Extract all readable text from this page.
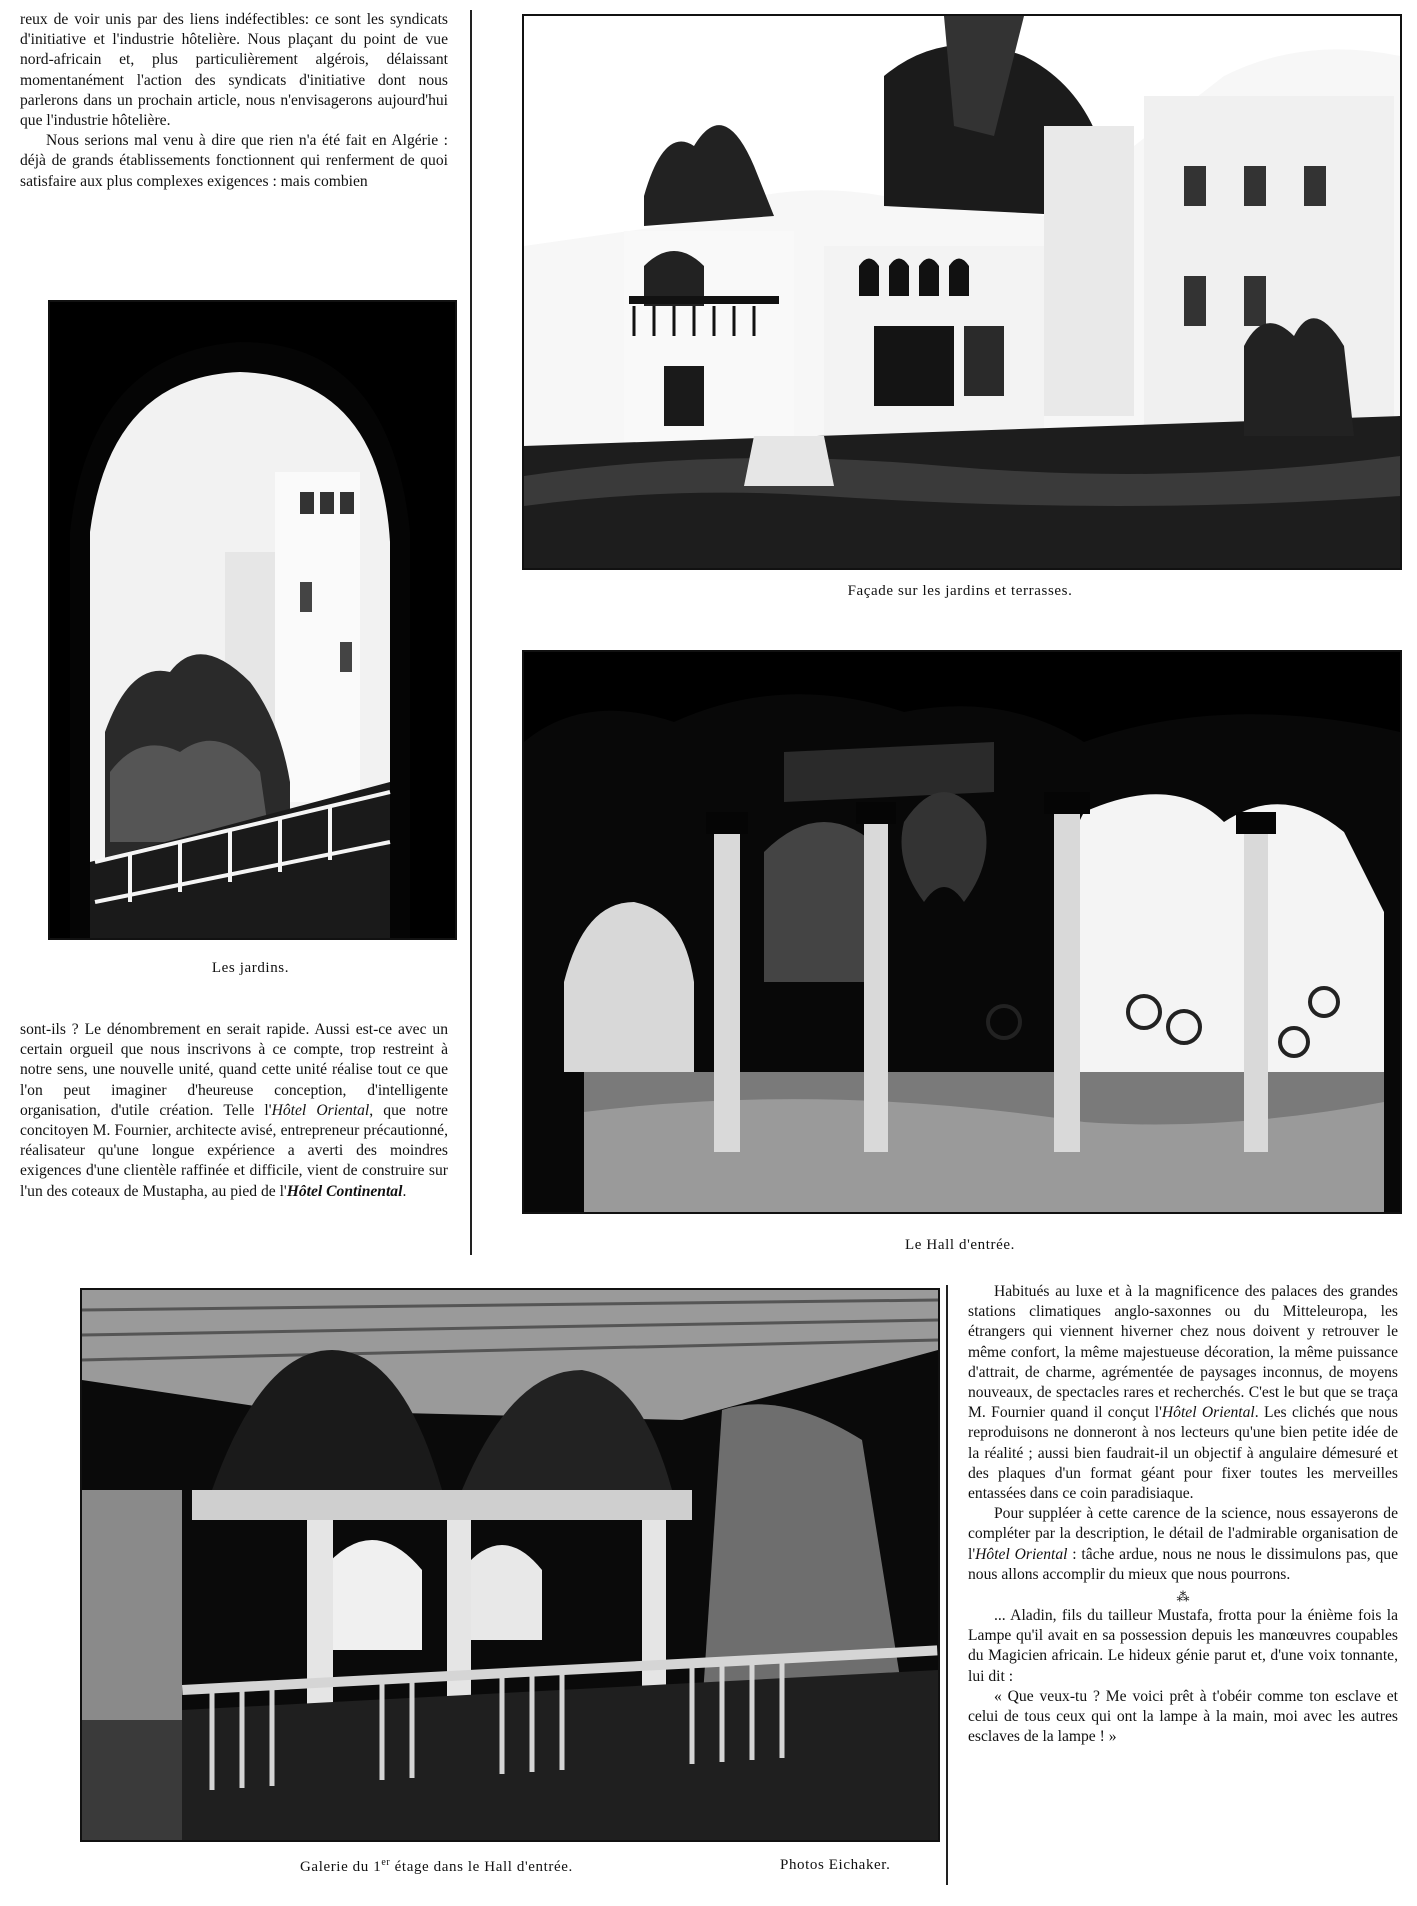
reux de voir unis par des liens indéfectibles: ce sont les syndicats d'initiative et l'industrie hôtelière. Nous plaçant du point de vue nord-africain et, plus particulièrement algérois, délaissant momentanément l'action des syndicats d'initiative dont nous parlerons dans un prochain article, nous n'envisagerons aujourd'hui que l'industrie hôtelière.

Nous serions mal venu à dire que rien n'a été fait en Algérie : déjà de grands établissements fonctionnent qui renferment de quoi satisfaire aux plus complexes exigences : mais combien

Les jardins.

sont-ils ? Le dénombrement en serait rapide. Aussi est-ce avec un certain orgueil que nous inscrivons à ce compte, trop restreint à notre sens, une nouvelle unité, quand cette unité réalise tout ce que l'on peut imaginer d'heureuse conception, d'intelligente organisation, d'utile création. Telle l'Hôtel Oriental, que notre concitoyen M. Fournier, architecte avisé, entrepreneur précautionné, réalisateur qu'une longue expérience a averti des moindres exigences d'une clientèle raffinée et difficile, vient de construire sur l'un des coteaux de Mustapha, au pied de l'Hôtel Continental.

Façade sur les jardins et terrasses.
Le Hall d'entrée.
Galerie du 1er étage dans le Hall d'entrée.	Photos Eichaker.

Habitués au luxe et à la magnificence des palaces des grandes stations climatiques anglo-saxonnes ou du Mitteleuropa, les étrangers qui viennent hiverner chez nous doivent y retrouver le même confort, la même majestueuse décoration, la même puissance d'attrait, de charme, agrémentée de paysages inconnus, de moyens nouveaux, de spectacles rares et recherchés. C'est le but que se traça M. Fournier quand il conçut l'Hôtel Oriental. Les clichés que nous reproduisons ne donneront à nos lecteurs qu'une bien petite idée de la réalité ; aussi bien faudrait-il un objectif à angulaire démesuré et des plaques d'un format géant pour fixer toutes les merveilles entassées dans ce coin paradisiaque.

Pour suppléer à cette carence de la science, nous essayerons de compléter par la description, le détail de l'admirable organisation de l'Hôtel Oriental : tâche ardue, nous ne nous le dissimulons pas, que nous allons accomplir du mieux que nous pourrons.

⁂

... Aladin, fils du tailleur Mustafa, frotta pour la énième fois la Lampe qu'il avait en sa possession depuis les manœuvres coupables du Magicien africain. Le hideux génie parut et, d'une voix tonnante, lui dit :

« Que veux-tu ? Me voici prêt à t'obéir comme ton esclave et celui de tous ceux qui ont la lampe à la main, moi avec les autres esclaves de la lampe ! »
